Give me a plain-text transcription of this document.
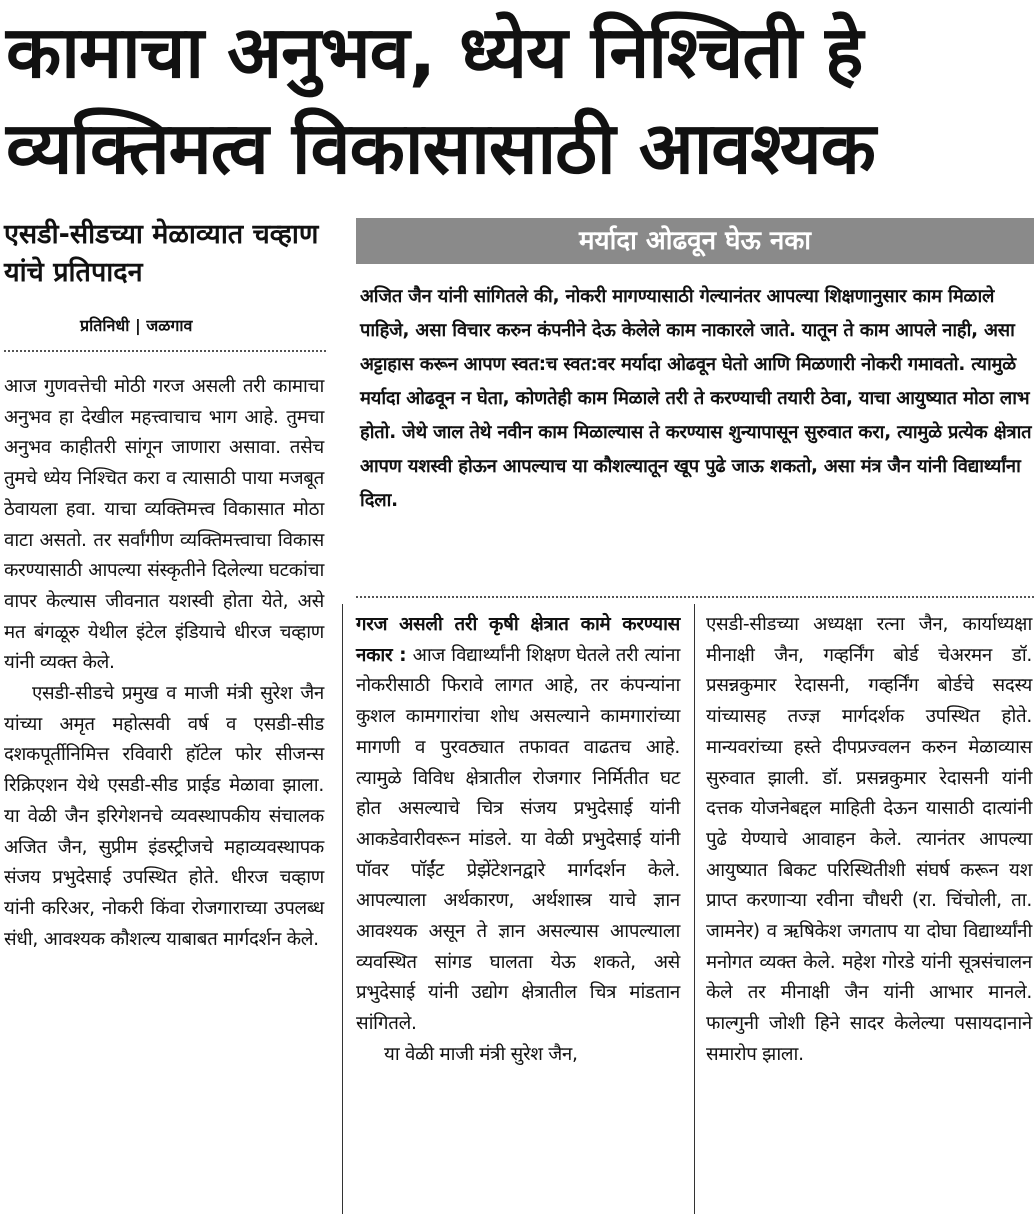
कामाचा अनुभव, ध्येय निश्‍चिती हे
व्यक्तिमत्व विकासासाठी आवश्यक
एसडी-सीडच्या मेळाव्यात चव्हाण यांचे प्रतिपादन
प्रतिनिधी | जळगाव
मर्यादा ओढवून घेऊ नका
अजित जैन यांनी सांगितले की, नोकरी मागण्यासाठी गेल्यानंतर आपल्या शिक्षणानुसार काम मिळाले पाहिजे, असा विचार करुन कंपनीने देऊ केलेले काम नाकारले जाते. यातून ते काम आपले नाही, असा अट्टाहास करून आपण स्वत:च स्वत:वर मर्यादा ओढवून घेतो आणि मिळणारी नोकरी गमावतो. त्यामुळे मर्यादा ओढवून न घेता, कोणतेही काम मिळाले तरी ते करण्याची तयारी ठेवा, याचा आयुष्यात मोठा लाभ होतो. जेथे जाल तेथे नवीन काम मिळाल्यास ते करण्यास शुन्यापासून सुरुवात करा, त्यामुळे प्रत्येक क्षेत्रात आपण यशस्वी होऊन आपल्याच या कौशल्यातून खूप पुढे जाऊ शकतो, असा मंत्र जैन यांनी विद्यार्थ्यांना दिला.

आज गुणवत्तेची मोठी गरज असली तरी कामाचा अनुभव हा देखील महत्त्वाचाच भाग आहे. तुमचा अनुभव काहीतरी सांगून जाणारा असावा. तसेच तुमचे ध्येय निश्‍चित करा व त्यासाठी पाया मजबूत ठेवायला हवा. याचा व्यक्तिमत्त्व विकासात मोठा वाटा असतो. तर सर्वांगीण व्यक्तिमत्त्वाचा विकास करण्यासाठी आपल्या संस्कृतीने दिलेल्या घटकांचा वापर केल्यास जीवनात यशस्वी होता येते, असे मत बंगळूरु येथील इंटेल इंडियाचे धीरज चव्हाण यांनी व्यक्त केले.

एसडी-सीडचे प्रमुख व माजी मंत्री सुरेश जैन यांच्या अमृत महोत्सवी वर्ष व एसडी-सीड दशकपूर्तीनिमित्त रविवारी हॉटेल फोर सीजन्स रिक्रिएशन येथे एसडी-सीड प्राईड मेळावा झाला. या वेळी जैन इरिगेशनचे व्यवस्थापकीय संचालक अजित जैन, सुप्रीम इंडस्ट्रीजचे महाव्यवस्थापक संजय प्रभुदेसाई उपस्थित होते. धीरज चव्हाण यांनी करिअर, नोकरी किंवा रोजगाराच्या उपलब्ध संधी, आवश्यक कौशल्य याबाबत मार्गदर्शन केले.

गरज असली तरी कृषी क्षेत्रात कामे करण्यास नकार : आज विद्यार्थ्यांनी शिक्षण घेतले तरी त्यांना नोकरीसाठी फिरावे लागत आहे, तर कंपन्यांना कुशल कामगारांचा शोध असल्याने कामगारांच्या मागणी व पुरवठ्यात तफावत वाढतच आहे. त्यामुळे विविध क्षेत्रातील रोजगार निर्मितीत घट होत असल्याचे चित्र संजय प्रभुदेसाई यांनी आकडेवारीवरून मांडले. या वेळी प्रभुदेसाई यांनी पॉवर पॉईंट प्रेझेंटेशनद्वारे मार्गदर्शन केले. आपल्याला अर्थकारण, अर्थशास्त्र याचे ज्ञान आवश्यक असून ते ज्ञान असल्यास आपल्याला व्यवस्थित सांगड घालता येऊ शकते, असे प्रभुदेसाई यांनी उद्योग क्षेत्रातील चित्र मांडतान सांगितले.

या वेळी माजी मंत्री सुरेश जैन,

एसडी-सीडच्या अध्यक्षा रत्ना जैन, कार्याध्यक्षा मीनाक्षी जैन, गव्हर्निंग बोर्ड चेअरमन डॉ. प्रसन्नकुमार रेदासनी, गव्हर्निंग बोर्डचे सदस्य यांच्यासह तज्ज्ञ मार्गदर्शक उपस्थित होते. मान्यवरांच्या हस्ते दीपप्रज्वलन करुन मेळाव्यास सुरुवात झाली. डॉ. प्रसन्नकुमार रेदासनी यांनी दत्तक योजनेबद्दल माहिती देऊन यासाठी दात्यांनी पुढे येण्याचे आवाहन केले. त्यानंतर आपल्या आयुष्यात बिकट परिस्थितीशी संघर्ष करून यश प्राप्त करणाऱ्या रवीना चौधरी (रा. चिंचोली, ता. जामनेर) व ऋषिकेश जगताप या दोघा विद्यार्थ्यांनी मनोगत व्यक्त केले. महेश गोरडे यांनी सूत्रसंचालन केले तर मीनाक्षी जैन यांनी आभार मानले. फाल्गुनी जोशी हिने सादर केलेल्या पसायदानाने समारोप झाला.
